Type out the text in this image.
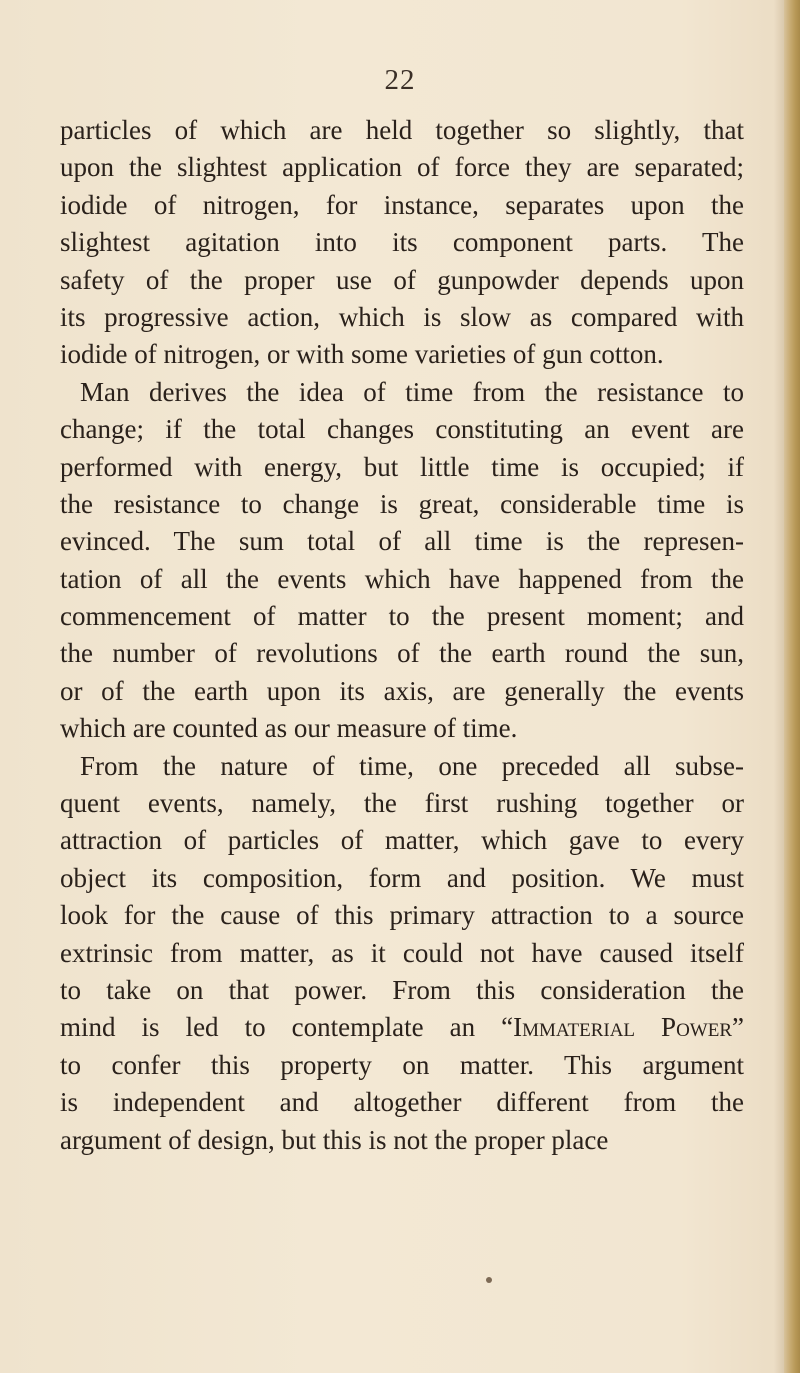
22
particles of which are held together so slightly, that
upon the slightest application of force they are separated;
iodide of nitrogen, for instance, separates upon the
slightest agitation into its component parts. The
safety of the proper use of gunpowder depends upon
its progressive action, which is slow as compared with
iodide of nitrogen, or with some varieties of gun cotton.
Man derives the idea of time from the resistance to
change; if the total changes constituting an event are
performed with energy, but little time is occupied; if
the resistance to change is great, considerable time is
evinced. The sum total of all time is the represen-
tation of all the events which have happened from the
commencement of matter to the present moment; and
the number of revolutions of the earth round the sun,
or of the earth upon its axis, are generally the events
which are counted as our measure of time.
From the nature of time, one preceded all subse-
quent events, namely, the first rushing together or
attraction of particles of matter, which gave to every
object its composition, form and position. We must
look for the cause of this primary attraction to a source
extrinsic from matter, as it could not have caused itself
to take on that power. From this consideration the
mind is led to contemplate an “Immaterial Power”
to confer this property on matter. This argument
is independent and altogether different from the
argument of design, but this is not the proper place
